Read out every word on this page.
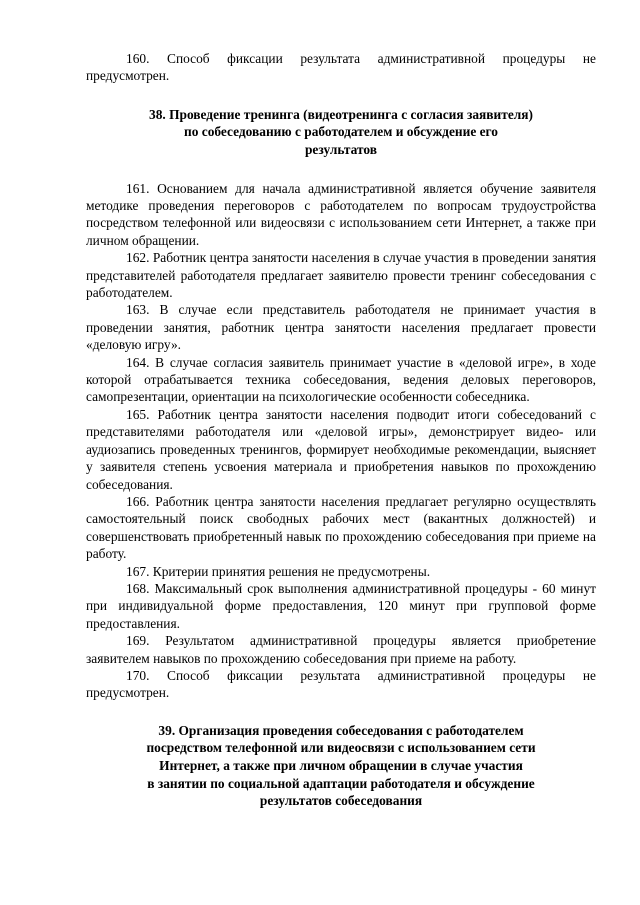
160. Способ фиксации результата административной процедуры не предусмотрен.

38. Проведение тренинга (видеотренинга с согласия заявителя)
по собеседованию с работодателем и обсуждение его
результатов

161. Основанием для начала административной является обучение заявителя методике проведения переговоров с работодателем по вопросам трудоустройства посредством телефонной или видеосвязи с использованием сети Интернет, а также при личном обращении.

162. Работник центра занятости населения в случае участия в проведении занятия представителей работодателя предлагает заявителю провести тренинг собеседования с работодателем.

163. В случае если представитель работодателя не принимает участия в проведении занятия, работник центра занятости населения предлагает провести «деловую игру».

164. В случае согласия заявитель принимает участие в «деловой игре», в ходе которой отрабатывается техника собеседования, ведения деловых переговоров, самопрезентации, ориентации на психологические особенности собеседника.

165. Работник центра занятости населения подводит итоги собеседований с представителями работодателя или «деловой игры», демонстрирует видео- или аудиозапись проведенных тренингов, формирует необходимые рекомендации, выясняет у заявителя степень усвоения материала и приобретения навыков по прохождению собеседования.

166. Работник центра занятости населения предлагает регулярно осуществлять самостоятельный поиск свободных рабочих мест (вакантных должностей) и совершенствовать приобретенный навык по прохождению собеседования при приеме на работу.

167. Критерии принятия решения не предусмотрены.

168. Максимальный срок выполнения административной процедуры - 60 минут при индивидуальной форме предоставления, 120 минут при групповой форме предоставления.

169. Результатом административной процедуры является приобретение заявителем навыков по прохождению собеседования при приеме на работу.

170. Способ фиксации результата административной процедуры не предусмотрен.

39. Организация проведения собеседования с работодателем
посредством телефонной или видеосвязи с использованием сети
Интернет, а также при личном обращении в случае участия
в занятии по социальной адаптации работодателя и обсуждение
результатов собеседования
